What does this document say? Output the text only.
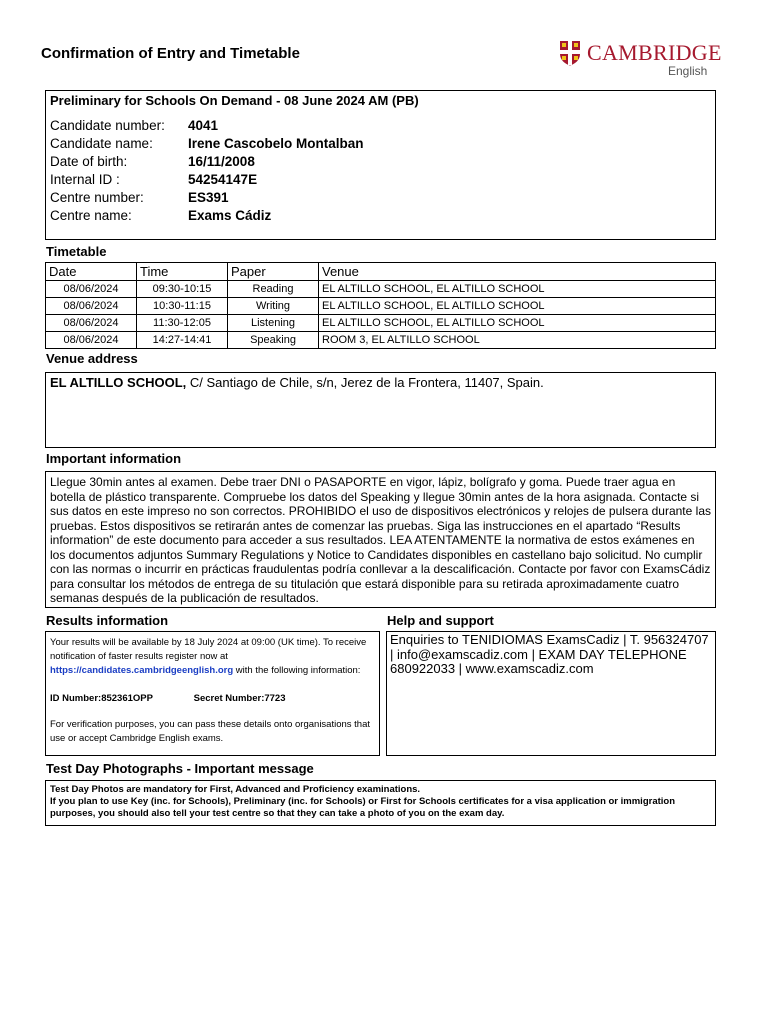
Confirmation of Entry and Timetable	CAMBRIDGE
English
Preliminary for Schools On Demand - 08 June 2024 AM (PB)
Candidate number: 4041
Candidate name:	Irene Cascobelo Montalban
Date of birth:	16/11/2008
Internal ID :	54254147E
Centre number:	ES391
Centre name:	Exams Cádiz
Timetable
Date	Time	Paper	Venue
08/06/2024	09:30-10:15	Reading	EL ALTILLO SCHOOL, EL ALTILLO SCHOOL
08/06/2024	10:30-11:15	Writing	EL ALTILLO SCHOOL, EL ALTILLO SCHOOL
08/06/2024	11:30-12:05	Listening	EL ALTILLO SCHOOL, EL ALTILLO SCHOOL
08/06/2024	14:27-14:41	Speaking	ROOM 3, EL ALTILLO SCHOOL
Venue address
EL ALTILLO SCHOOL, C/ Santiago de Chile, s/n, Jerez de la Frontera, 11407, Spain.
Important information
Llegue 30min antes al examen. Debe traer DNI o PASAPORTE en vigor, lápiz, bolígrafo y goma. Puede traer agua en botella de plástico transparente. Compruebe los datos del Speaking y llegue 30min antes de la hora asignada. Contacte si sus datos en este impreso no son correctos. PROHIBIDO el uso de dispositivos electrónicos y relojes de pulsera durante las pruebas. Estos dispositivos se retirarán antes de comenzar las pruebas. Siga las instrucciones en el apartado “Results information” de este documento para acceder a sus resultados. LEA ATENTAMENTE la normativa de estos exámenes en los documentos adjuntos Summary Regulations y Notice to Candidates disponibles en castellano bajo solicitud. No cumplir con las normas o incurrir en prácticas fraudulentas podría conllevar a la descalificación. Contacte por favor con ExamsCádiz para consultar los métodos de entrega de su titulación que estará disponible para su retirada aproximadamente cuatro semanas después de la publicación de resultados.
Results information
Your results will be available by 18 July 2024 at 09:00 (UK time). To receive notification of faster results register now at https://candidates.cambridgeenglish.org with the following information:
ID Number:852361OPP	Secret Number:7723
For verification purposes, you can pass these details onto organisations that use or accept Cambridge English exams.
Help and support
Enquiries to TENIDIOMAS ExamsCadiz | T. 956324707 | info@examscadiz.com | EXAM DAY TELEPHONE 680922033 | www.examscadiz.com
Test Day Photographs - Important message
Test Day Photos are mandatory for First, Advanced and Proficiency examinations.
If you plan to use Key (inc. for Schools), Preliminary (inc. for Schools) or First for Schools certificates for a visa application or immigration purposes, you should also tell your test centre so that they can take a photo of you on the exam day.
